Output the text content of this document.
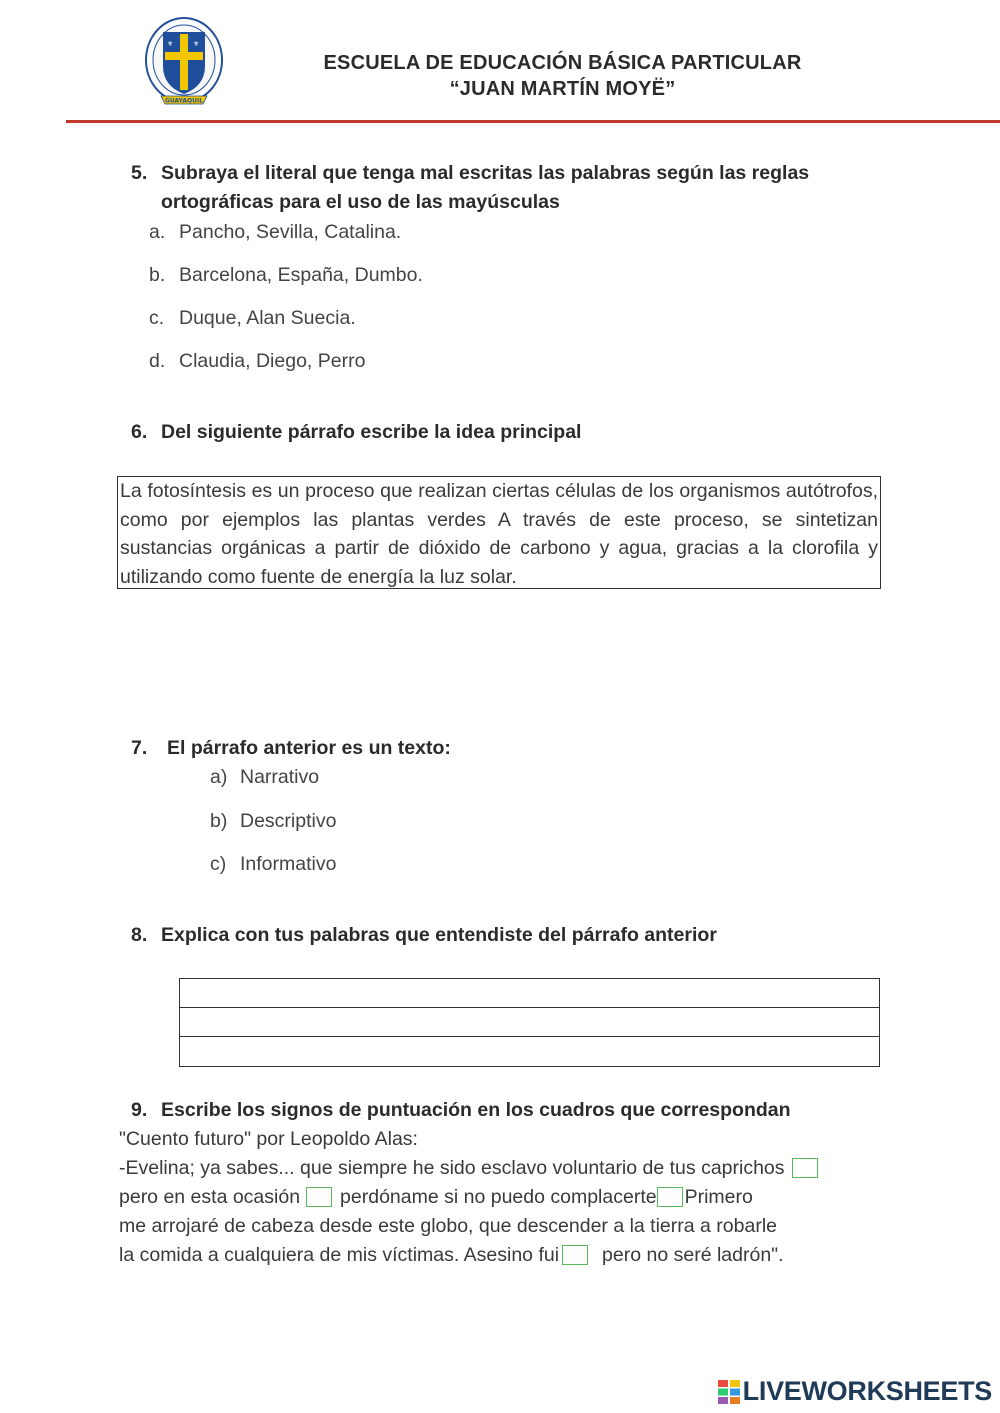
⚜	⚜
GUAYAQUIL
ESCUELA DE EDUCACIÓN BÁSICA PARTICULAR
“JUAN MARTÍN MOYË”
5. Subraya el literal que tenga mal escritas las palabras según las reglas
ortográficas para el uso de las mayúsculas
a. Pancho, Sevilla, Catalina.
b. Barcelona, España, Dumbo.
c. Duque, Alan Suecia.
d. Claudia, Diego, Perro
6. Del siguiente párrafo escribe la idea principal
La fotosíntesis es un proceso que realizan ciertas células de los organismos autótrofos, como por ejemplos las plantas verdes A través de este proceso, se sintetizan sustancias orgánicas a partir de dióxido de carbono y agua, gracias a la clorofila y utilizando como fuente de energía la luz solar.
7.	El párrafo anterior es un texto:
a) Narrativo
b) Descriptivo
c) Informativo
8. Explica con tus palabras que entendiste del párrafo anterior
9. Escribe los signos de puntuación en los cuadros que correspondan
"Cuento futuro" por Leopoldo Alas:
-Evelina; ya sabes... que siempre he sido esclavo voluntario de tus caprichos
pero en esta ocasión perdóname si no puedo complacerte Primero
me arrojaré de cabeza desde este globo, que descender a la tierra a robarle
la comida a cualquiera de mis víctimas. Asesino fui pero no seré ladrón".
LIVEWORKSHEETS
